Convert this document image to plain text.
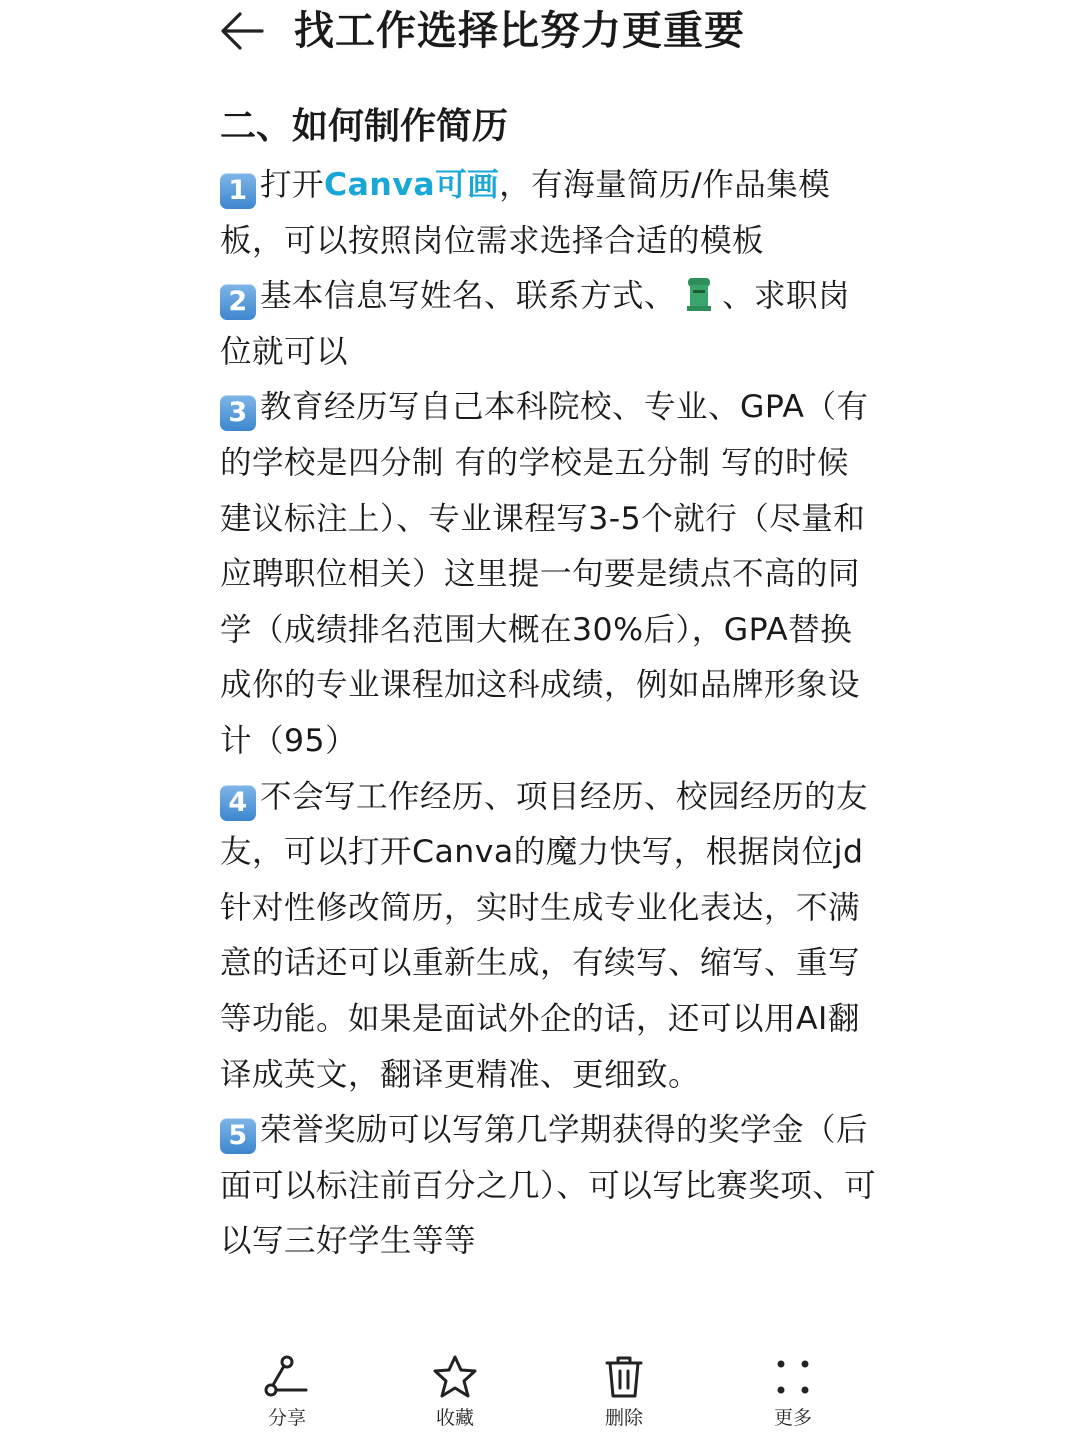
找工作选择比努力更重要
二、如何制作简历

1 打开Canva可画，有海量简历/作品集模板，可以按照岗位需求选择合适的模板

2 基本信息写姓名、联系方式、 、求职岗位就可以

3 教育经历写自己本科院校、专业、GPA（有的学校是四分制 有的学校是五分制 写的时候建议标注上）、专业课程写3-5个就行（尽量和应聘职位相关）这里提一句要是绩点不高的同学（成绩排名范围大概在30%后），GPA替换成你的专业课程加这科成绩，例如品牌形象设计（95）

4 不会写工作经历、项目经历、校园经历的友友，可以打开Canva的魔力快写，根据岗位jd针对性修改简历，实时生成专业化表达，不满意的话还可以重新生成，有续写、缩写、重写等功能。如果是面试外企的话，还可以用AI翻译成英文，翻译更精准、更细致。

5 荣誉奖励可以写第几学期获得的奖学金（后面可以标注前百分之几）、可以写比赛奖项、可以写三好学生等等

分享	收藏	删除	更多
